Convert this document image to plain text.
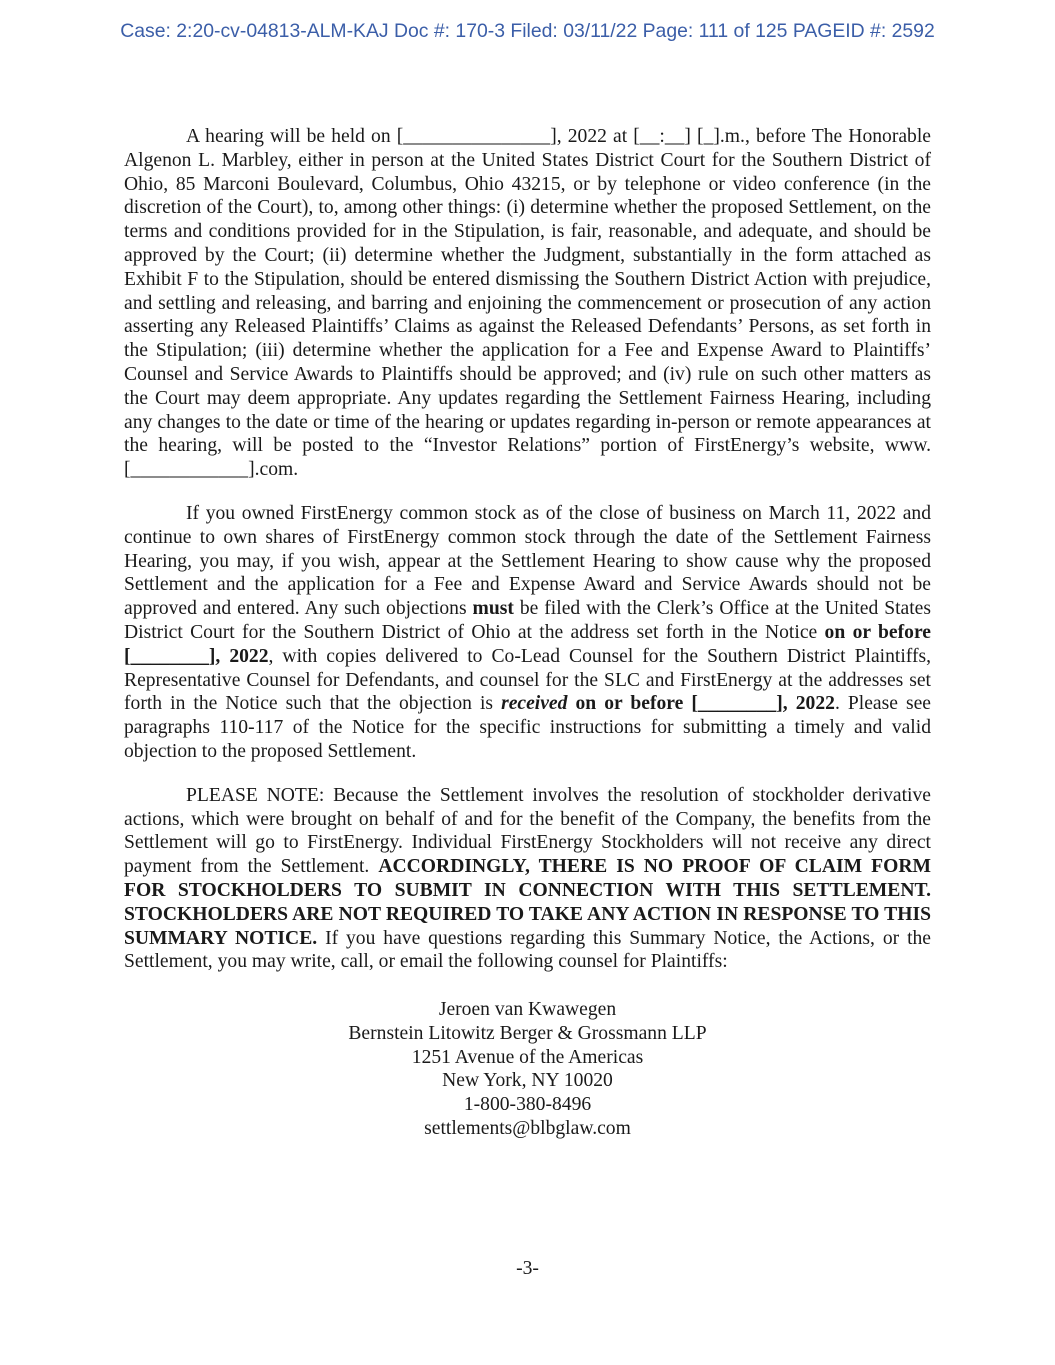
Case: 2:20-cv-04813-ALM-KAJ Doc #: 170-3 Filed: 03/11/22 Page: 111 of 125 PAGEID #: 2592

A hearing will be held on [_______________], 2022 at [__:__] [_].m., before The Honorable Algenon L. Marbley, either in person at the United States District Court for the Southern District of Ohio, 85 Marconi Boulevard, Columbus, Ohio 43215, or by telephone or video conference (in the discretion of the Court), to, among other things: (i) determine whether the proposed Settlement, on the terms and conditions provided for in the Stipulation, is fair, reasonable, and adequate, and should be approved by the Court; (ii) determine whether the Judgment, substantially in the form attached as Exhibit F to the Stipulation, should be entered dismissing the Southern District Action with prejudice, and settling and releasing, and barring and enjoining the commencement or prosecution of any action asserting any Released Plaintiffs’ Claims as against the Released Defendants’ Persons, as set forth in the Stipulation; (iii) determine whether the application for a Fee and Expense Award to Plaintiffs’ Counsel and Service Awards to Plaintiffs should be approved; and (iv) rule on such other matters as the Court may deem appropriate. Any updates regarding the Settlement Fairness Hearing, including any changes to the date or time of the hearing or updates regarding in-person or remote appearances at the hearing, will be posted to the “Investor Relations” portion of FirstEnergy’s website, www.[____________].com.

If you owned FirstEnergy common stock as of the close of business on March 11, 2022 and continue to own shares of FirstEnergy common stock through the date of the Settlement Fairness Hearing, you may, if you wish, appear at the Settlement Hearing to show cause why the proposed Settlement and the application for a Fee and Expense Award and Service Awards should not be approved and entered. Any such objections must be filed with the Clerk’s Office at the United States District Court for the Southern District of Ohio at the address set forth in the Notice on or before [________], 2022, with copies delivered to Co-Lead Counsel for the Southern District Plaintiffs, Representative Counsel for Defendants, and counsel for the SLC and FirstEnergy at the addresses set forth in the Notice such that the objection is received on or before [________], 2022. Please see paragraphs 110-117 of the Notice for the specific instructions for submitting a timely and valid objection to the proposed Settlement.

PLEASE NOTE: Because the Settlement involves the resolution of stockholder derivative actions, which were brought on behalf of and for the benefit of the Company, the benefits from the Settlement will go to FirstEnergy. Individual FirstEnergy Stockholders will not receive any direct payment from the Settlement. ACCORDINGLY, THERE IS NO PROOF OF CLAIM FORM FOR STOCKHOLDERS TO SUBMIT IN CONNECTION WITH THIS SETTLEMENT. STOCKHOLDERS ARE NOT REQUIRED TO TAKE ANY ACTION IN RESPONSE TO THIS SUMMARY NOTICE. If you have questions regarding this Summary Notice, the Actions, or the Settlement, you may write, call, or email the following counsel for Plaintiffs:

Jeroen van Kwawegen
Bernstein Litowitz Berger & Grossmann LLP
1251 Avenue of the Americas
New York, NY 10020
1-800-380-8496
settlements@blbglaw.com
-3-
